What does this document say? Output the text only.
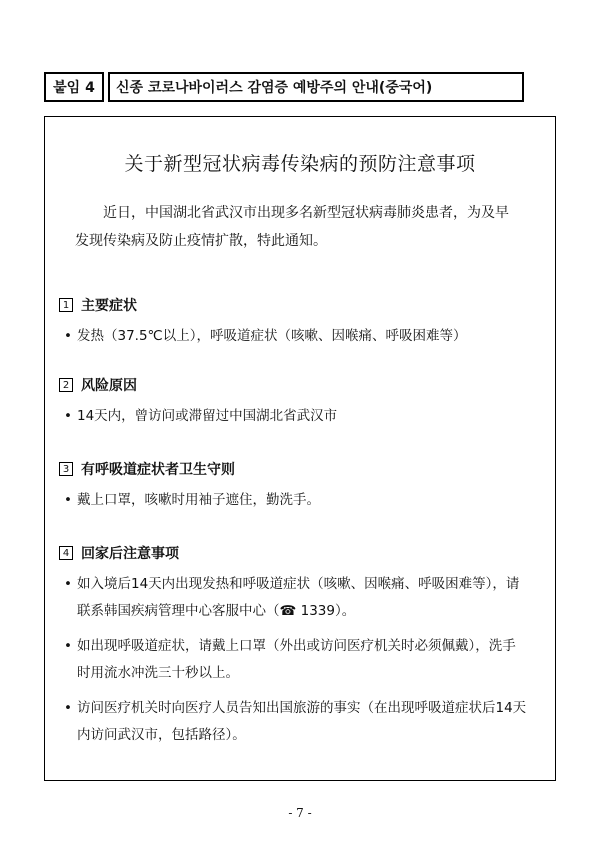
붙임 4	신종 코로나바이러스 감염증 예방주의 안내(중국어)
关于新型冠状病毒传染病的预防注意事项
近日，中国湖北省武汉市出现多名新型冠状病毒肺炎患者，为及早发现传染病及防止疫情扩散，特此通知。
1 主要症状
• 发热（37.5℃以上），呼吸道症状（咳嗽、因喉痛、呼吸困难等）
2 风险原因
• 14天内，曾访问或滞留过中国湖北省武汉市
3 有呼吸道症状者卫生守则
• 戴上口罩，咳嗽时用袖子遮住，勤洗手。
4 回家后注意事项
• 如入境后14天内出现发热和呼吸道症状（咳嗽、因喉痛、呼吸困难等），请联系韩国疾病管理中心客服中心（☎ 1339）。
• 如出现呼吸道症状，请戴上口罩（外出或访问医疗机关时必须佩戴），洗手时用流水冲洗三十秒以上。
• 访问医疗机关时向医疗人员告知出国旅游的事实（在出现呼吸道症状后14天内访问武汉市，包括路径）。
- 7 -
